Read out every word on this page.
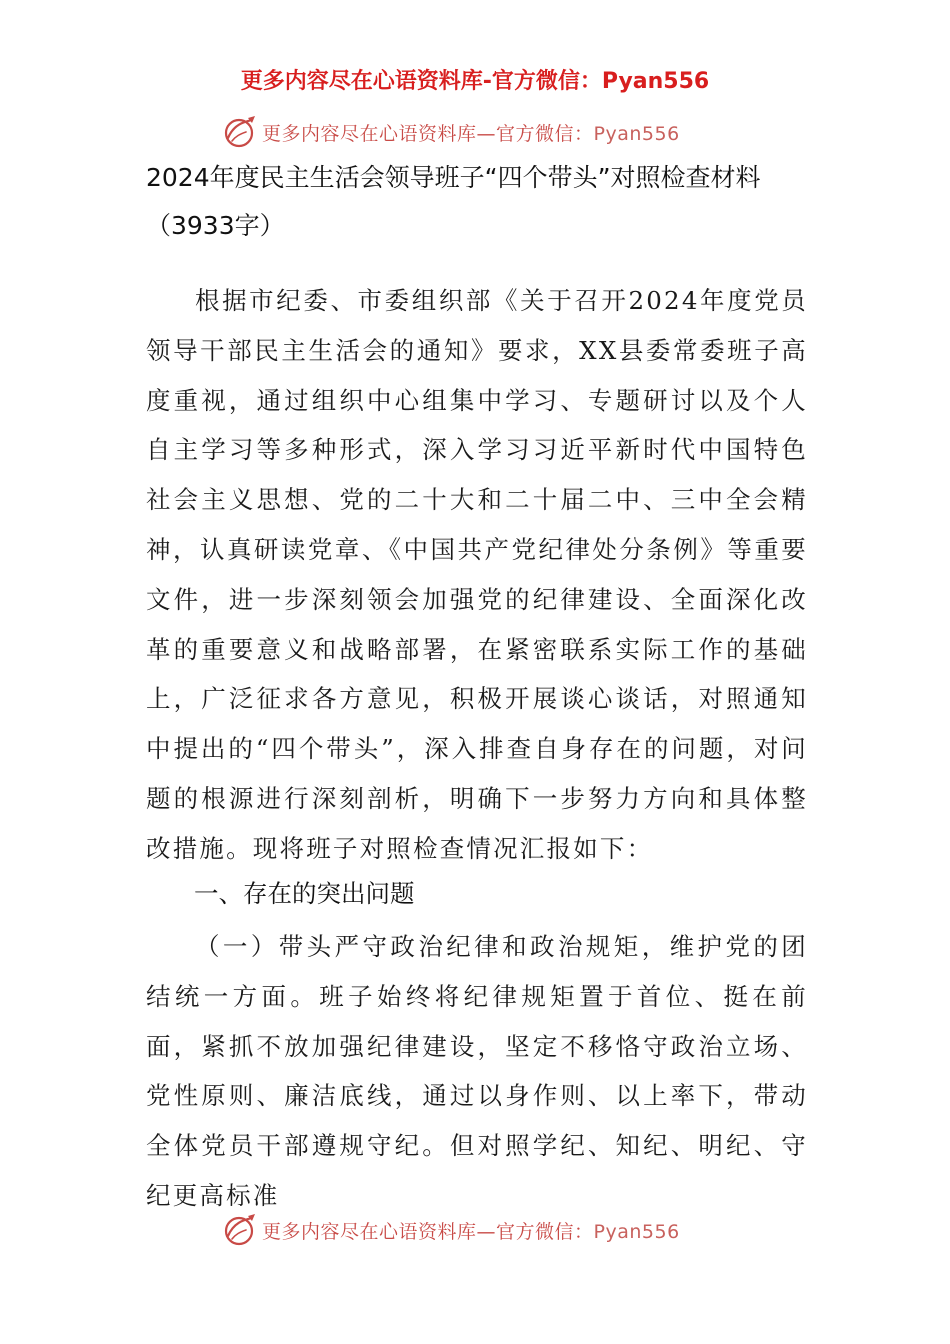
更多内容尽在心语资料库-官方微信：Pyan556
更多内容尽在心语资料库—官方微信：Pyan556
2024年度民主生活会领导班子“四个带头”对照检查材料（3933字）

根据市纪委、市委组织部《关于召开2024年度党员领导干部民主生活会的通知》要求，XX县委常委班子高度重视，通过组织中心组集中学习、专题研讨以及个人自主学习等多种形式，深入学习习近平新时代中国特色社会主义思想、党的二十大和二十届二中、三中全会精神，认真研读党章、《中国共产党纪律处分条例》等重要文件，进一步深刻领会加强党的纪律建设、全面深化改革的重要意义和战略部署，在紧密联系实际工作的基础上，广泛征求各方意见，积极开展谈心谈话，对照通知中提出的“四个带头”，深入排查自身存在的问题，对问题的根源进行深刻剖析，明确下一步努力方向和具体整改措施。现将班子对照检查情况汇报如下：

一、存在的突出问题

（一）带头严守政治纪律和政治规矩，维护党的团结统一方面。班子始终将纪律规矩置于首位、挺在前面，紧抓不放加强纪律建设，坚定不移恪守政治立场、党性原则、廉洁底线，通过以身作则、以上率下，带动全体党员干部遵规守纪。但对照学纪、知纪、明纪、守纪更高标准

更多内容尽在心语资料库—官方微信：Pyan556
